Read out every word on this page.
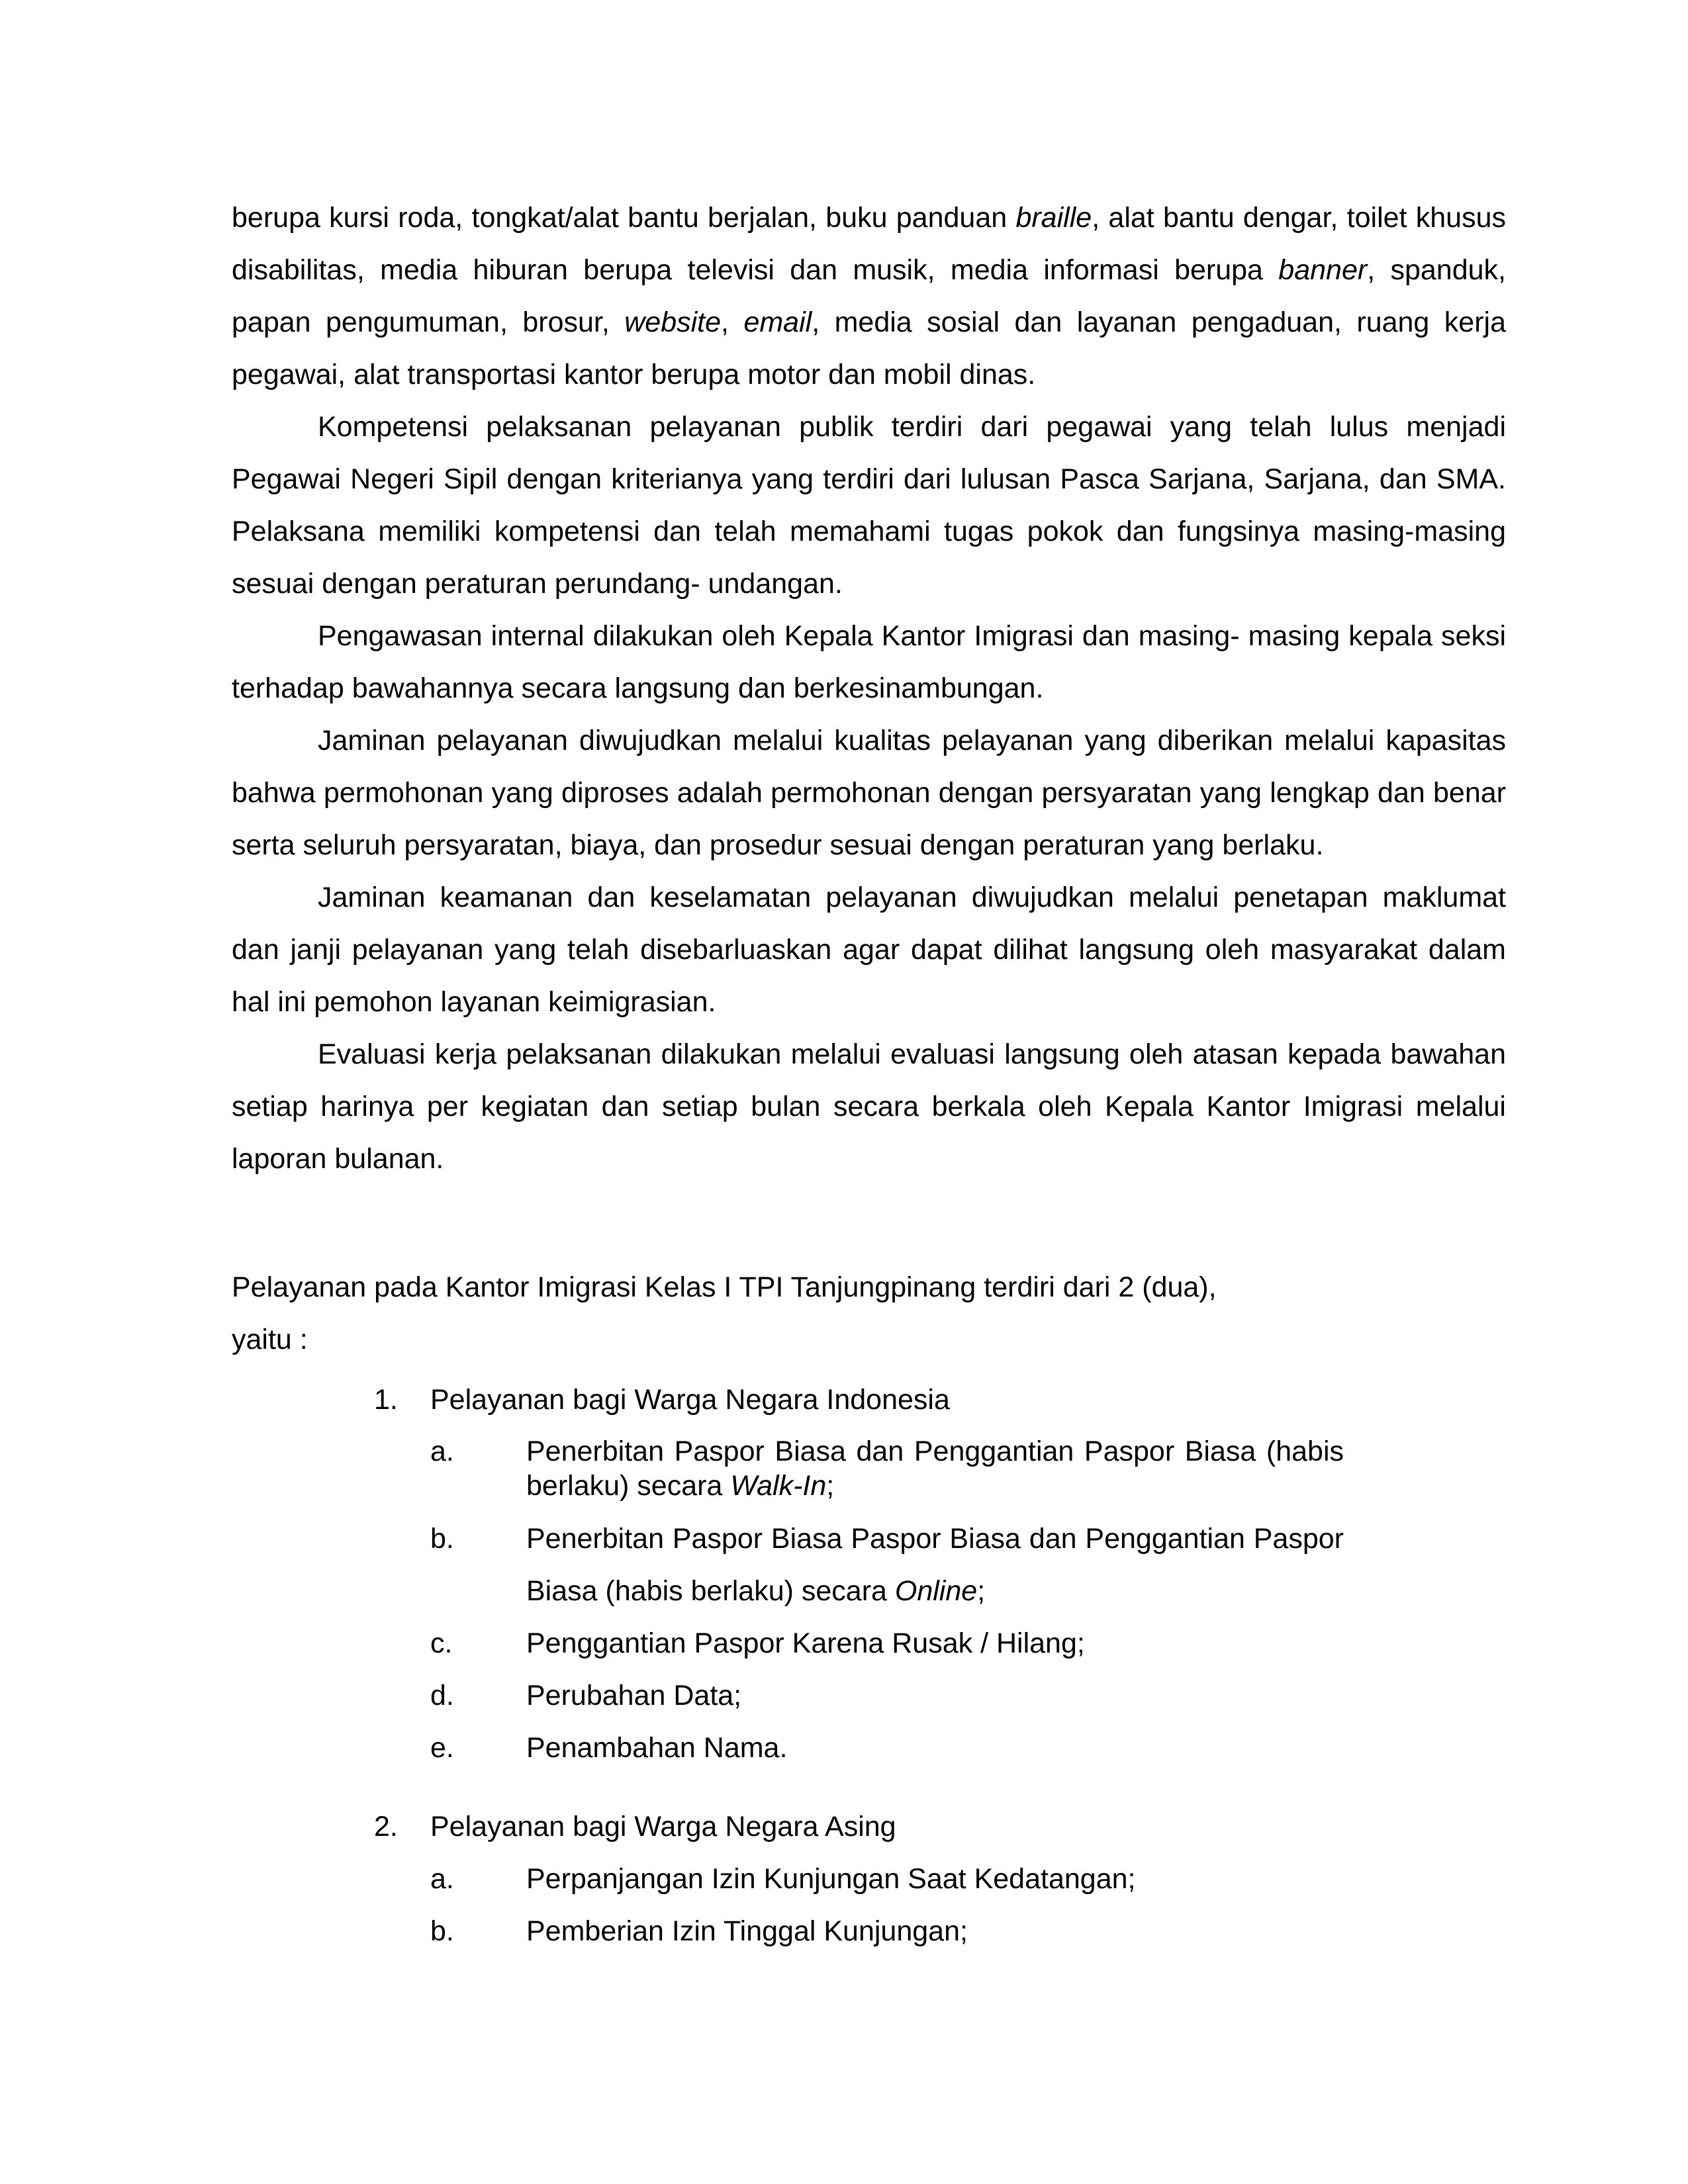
berupa kursi roda, tongkat/alat bantu berjalan, buku panduan braille, alat bantu dengar, toilet khusus disabilitas, media hiburan berupa televisi dan musik, media informasi berupa banner, spanduk, papan pengumuman, brosur, website, email, media sosial dan layanan pengaduan, ruang kerja pegawai, alat transportasi kantor berupa motor dan mobil dinas.

Kompetensi pelaksanan pelayanan publik terdiri dari pegawai yang telah lulus menjadi Pegawai Negeri Sipil dengan kriterianya yang terdiri dari lulusan Pasca Sarjana, Sarjana, dan SMA. Pelaksana memiliki kompetensi dan telah memahami tugas pokok dan fungsinya masing-masing sesuai dengan peraturan perundang- undangan.

Pengawasan internal dilakukan oleh Kepala Kantor Imigrasi dan masing- masing kepala seksi terhadap bawahannya secara langsung dan berkesinambungan.

Jaminan pelayanan diwujudkan melalui kualitas pelayanan yang diberikan melalui kapasitas bahwa permohonan yang diproses adalah permohonan dengan persyaratan yang lengkap dan benar serta seluruh persyaratan, biaya, dan prosedur sesuai dengan peraturan yang berlaku.

Jaminan keamanan dan keselamatan pelayanan diwujudkan melalui penetapan maklumat dan janji pelayanan yang telah disebarluaskan agar dapat dilihat langsung oleh masyarakat dalam hal ini pemohon layanan keimigrasian.

Evaluasi kerja pelaksanan dilakukan melalui evaluasi langsung oleh atasan kepada bawahan setiap harinya per kegiatan dan setiap bulan secara berkala oleh Kepala Kantor Imigrasi melalui laporan bulanan.

Pelayanan pada Kantor Imigrasi Kelas I TPI Tanjungpinang terdiri dari 2 (dua),

yaitu :

1.	Pelayanan bagi Warga Negara Indonesia

a.	Penerbitan Paspor Biasa dan Penggantian Paspor Biasa (habis berlaku) secara Walk-In;

b.	Penerbitan Paspor Biasa Paspor Biasa dan Penggantian Paspor Biasa (habis berlaku) secara Online;

c.	Penggantian Paspor Karena Rusak / Hilang;

d.	Perubahan Data;

e.	Penambahan Nama.

2.	Pelayanan bagi Warga Negara Asing

a.	Perpanjangan Izin Kunjungan Saat Kedatangan;

b.	Pemberian Izin Tinggal Kunjungan;
